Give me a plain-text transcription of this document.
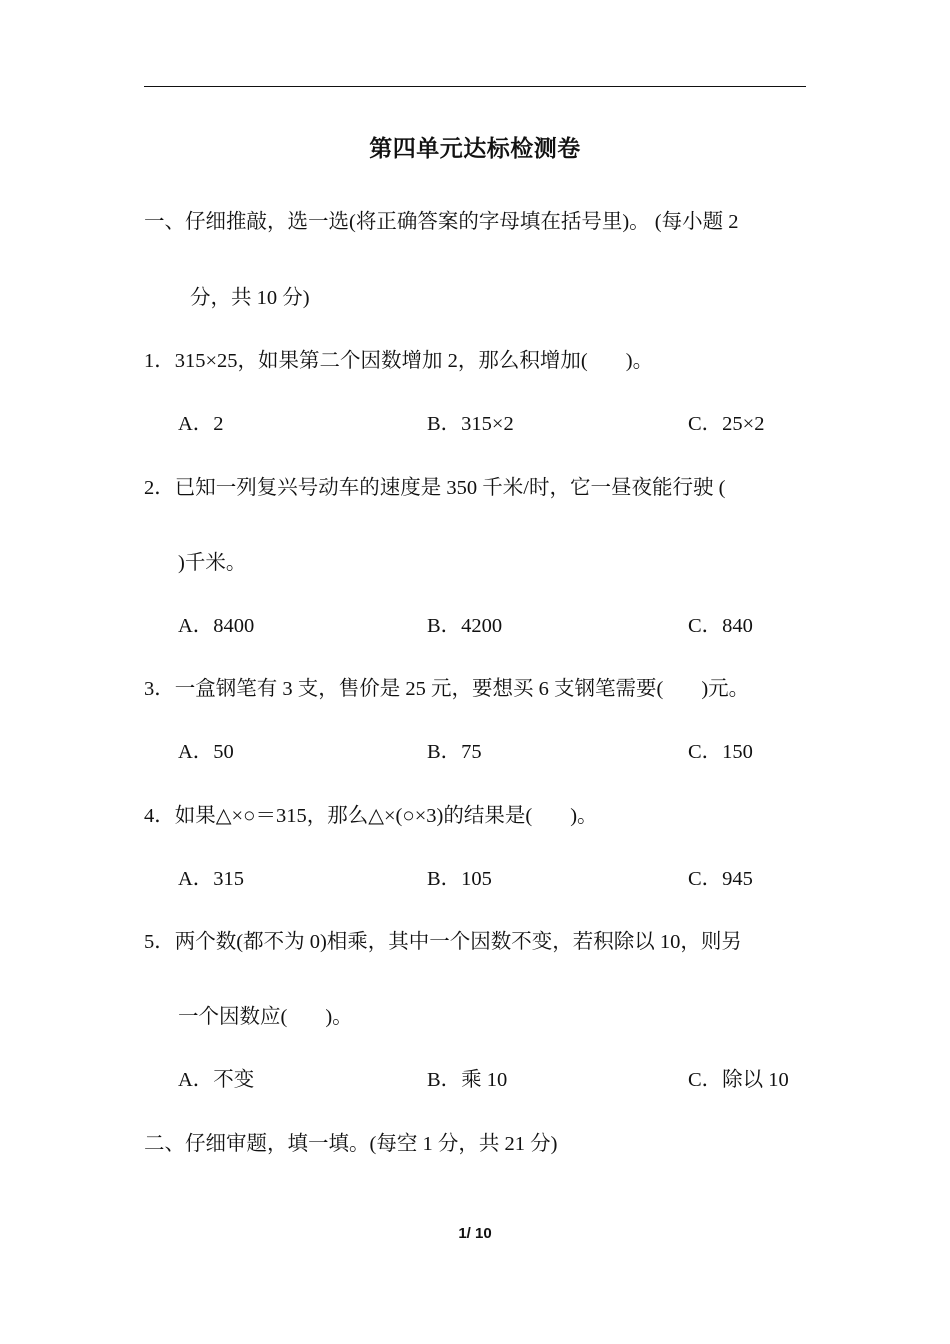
第四单元达标检测卷
一、仔细推敲，选一选(将正确答案的字母填在括号里)。 (每小题 2
分，共 10 分)
1．315×25，如果第二个因数增加 2，那么积增加( )。
A．2	B．315×2	C．25×2
2．已知一列复兴号动车的速度是 350 千米/时，它一昼夜能行驶 (
)千米。
A．8400	B．4200	C．840
3．一盒钢笔有 3 支，售价是 25 元，要想买 6 支钢笔需要( )元。
A．50	B．75	C．150
4．如果△×○＝315，那么△×(○×3)的结果是( )。
A．315	B．105	C．945
5．两个数(都不为 0)相乘，其中一个因数不变，若积除以 10，则另
一个因数应( )。
A．不变	B．乘 10	C．除以 10
二、仔细审题，填一填。(每空 1 分，共 21 分)
1/ 10
